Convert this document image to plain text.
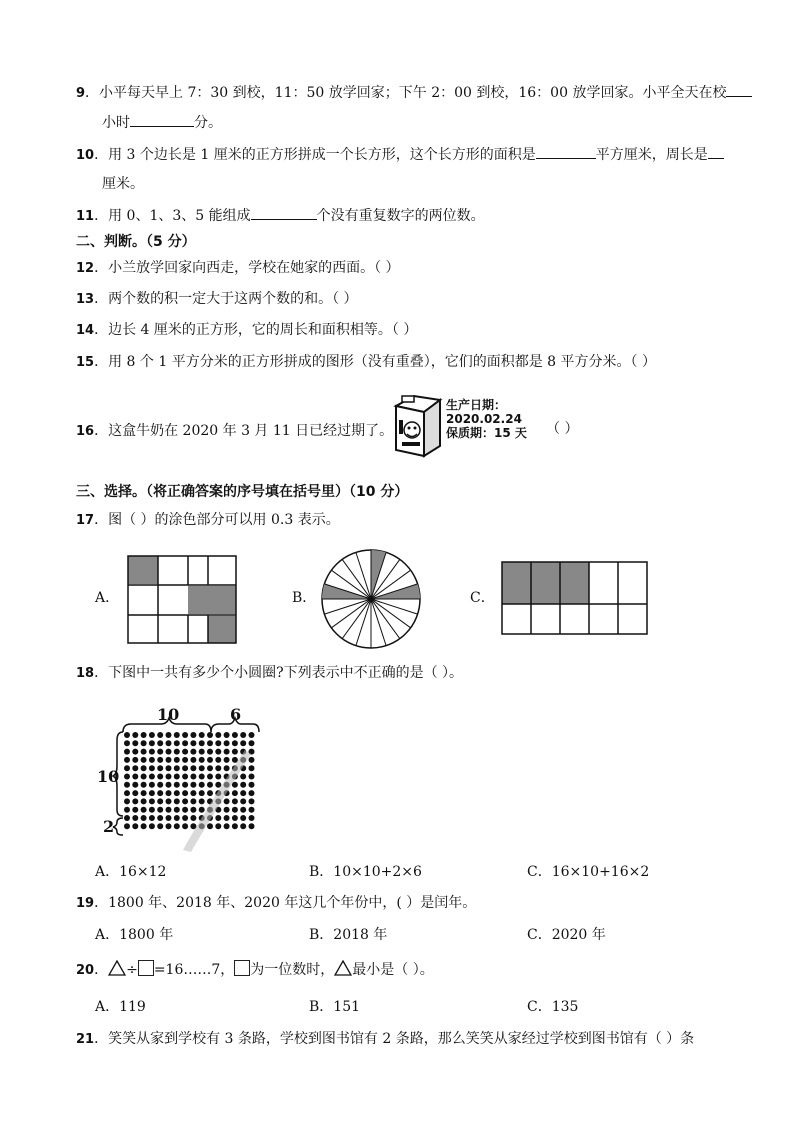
9．小平每天早上 7：30 到校，11：50 放学回家；下午 2：00 到校，16：00 放学回家。小平全天在校
小时	分。
10．用 3 个边长是 1 厘米的正方形拼成一个长方形，这个长方形的面积是	平方厘米，周长是
厘米。
11．用 0、1、3、5 能组成	个没有重复数字的两位数。
二、判断。（5 分）
12．小兰放学回家向西走，学校在她家的西面。（ ）
13．两个数的积一定大于这两个数的和。（ ）
14．边长 4 厘米的正方形，它的周长和面积相等。（ ）
15．用 8 个 1 平方分米的正方形拼成的图形（没有重叠），它们的面积都是 8 平方分米。（ ）
16．这盒牛奶在 2020 年 3 月 11 日已经过期了。
生产日期：
2020.02.24
保质期：15 天 （ ）
三、选择。（将正确答案的序号填在括号里）（10 分）
17．图（ ）的涂色部分可以用 0.3 表示。
A．	B．	C．
18．下图中一共有多少个小圆圈?下列表示中不正确的是（ ）。
10	6
10
2
A．16×12	B．10×10+2×6	C．16×10+16×2
19．1800 年、2018 年、2020 年这几个年份中，( ）是闰年。
A．1800 年	B．2018 年	C．2020 年
20． ÷ =16……7， 为一位数时， 最小是（ ）。
A．119	B．151	C．135
21．笑笑从家到学校有 3 条路，学校到图书馆有 2 条路，那么笑笑从家经过学校到图书馆有（ ）条
